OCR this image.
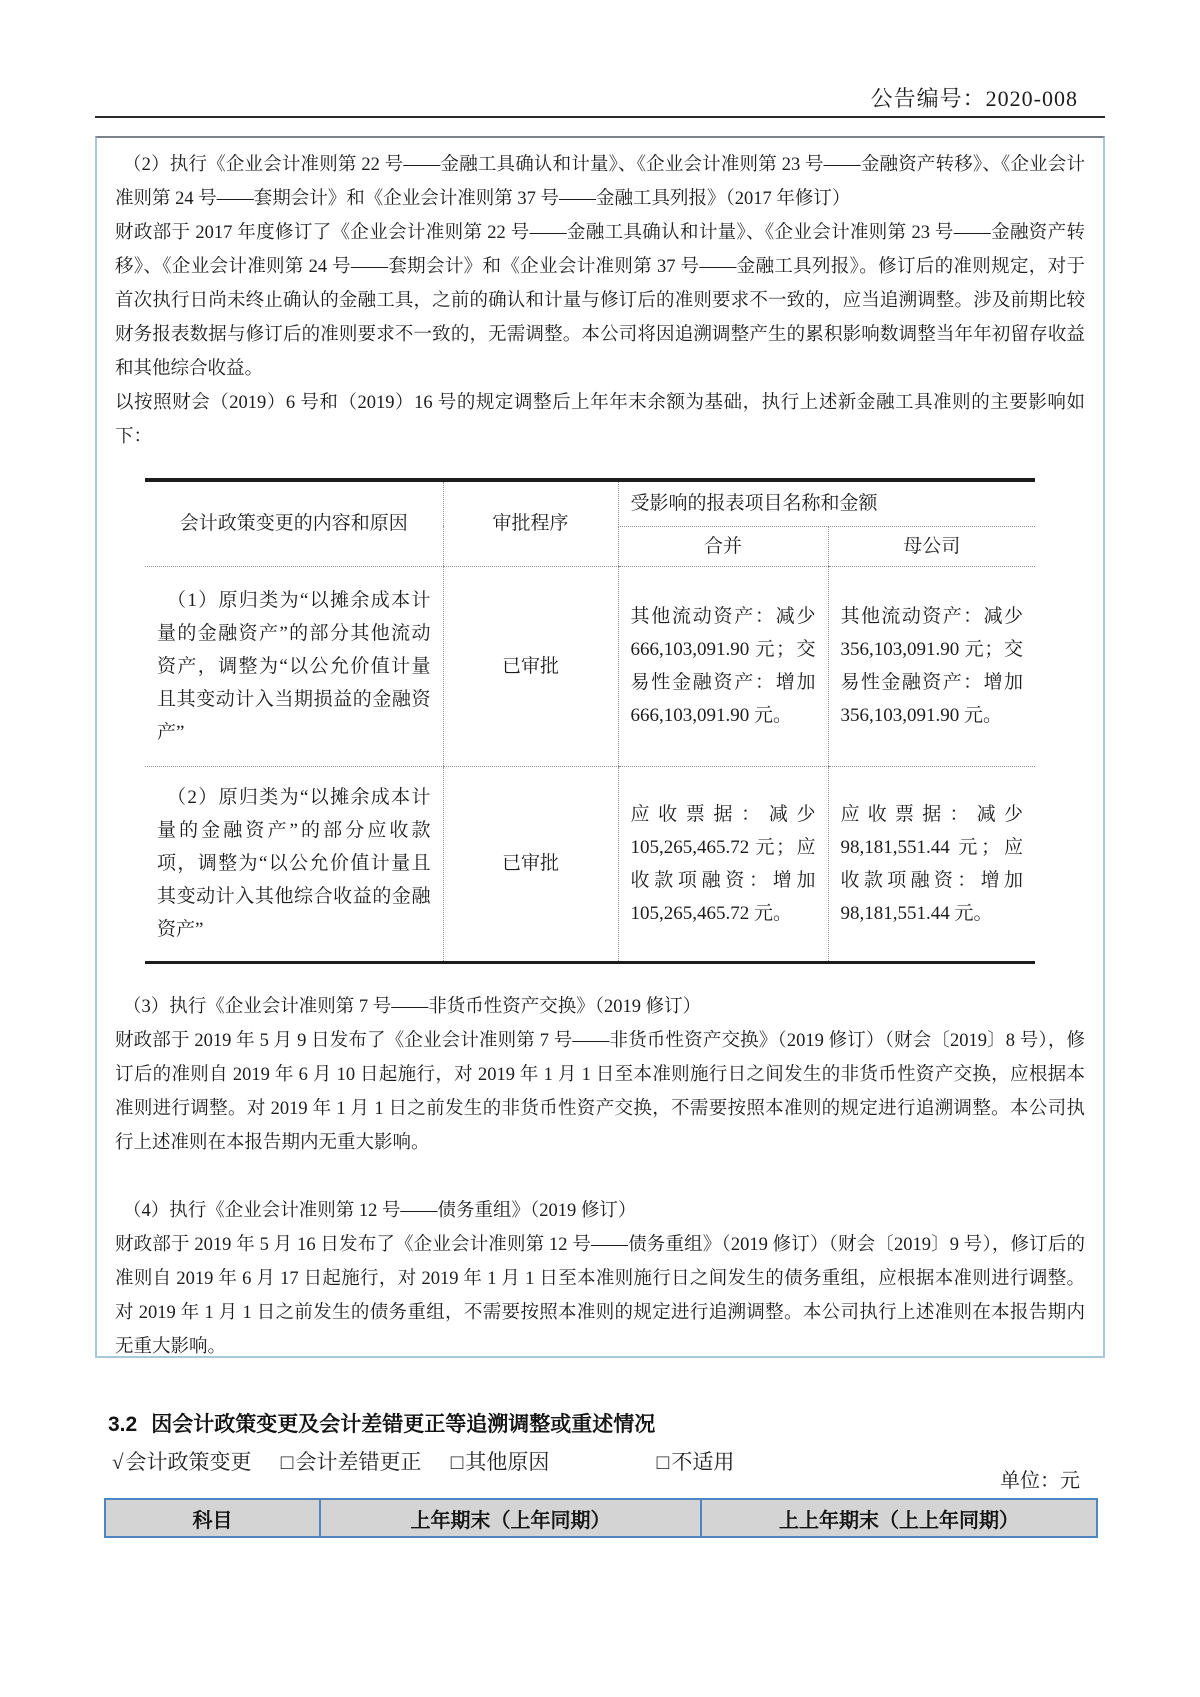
公告编号：2020-008

（2）执行《企业会计准则第 22 号——金融工具确认和计量》、《企业会计准则第 23 号——金融资产转移》、《企业会计准则第 24 号——套期会计》和《企业会计准则第 37 号——金融工具列报》（2017 年修订）

财政部于 2017 年度修订了《企业会计准则第 22 号——金融工具确认和计量》、《企业会计准则第 23 号——金融资产转移》、《企业会计准则第 24 号——套期会计》和《企业会计准则第 37 号——金融工具列报》。修订后的准则规定，对于首次执行日尚未终止确认的金融工具，之前的确认和计量与修订后的准则要求不一致的，应当追溯调整。涉及前期比较财务报表数据与修订后的准则要求不一致的，无需调整。本公司将因追溯调整产生的累积影响数调整当年年初留存收益和其他综合收益。

以按照财会（2019）6 号和（2019）16 号的规定调整后上年年末余额为基础，执行上述新金融工具准则的主要影响如下：

会计政策变更的内容和原因	审批程序	受影响的报表项目名称和金额	
		合并	母公司

（1）原归类为“以摊余成本计量的金融资产”的部分其他流动资产，调整为“以公允价值计量且其变动计入当期损益的金融资产”	已审批	其他流动资产：减少 666,103,091.90 元；交易性金融资产：增加 666,103,091.90 元。	其他流动资产：减少 356,103,091.90 元；交易性金融资产：增加 356,103,091.90 元。

（2）原归类为“以摊余成本计量的金融资产”的部分应收款项，调整为“以公允价值计量且其变动计入其他综合收益的金融资产”	已审批	应收票据：减少 105,265,465.72 元；应收款项融资：增加 105,265,465.72 元。	应收票据：减少 98,181,551.44 元；应收款项融资：增加 98,181,551.44 元。

（3）执行《企业会计准则第 7 号——非货币性资产交换》（2019 修订）

财政部于 2019 年 5 月 9 日发布了《企业会计准则第 7 号——非货币性资产交换》（2019 修订）（财会〔2019〕8 号），修订后的准则自 2019 年 6 月 10 日起施行，对 2019 年 1 月 1 日至本准则施行日之间发生的非货币性资产交换，应根据本准则进行调整。对 2019 年 1 月 1 日之前发生的非货币性资产交换，不需要按照本准则的规定进行追溯调整。本公司执行上述准则在本报告期内无重大影响。

（4）执行《企业会计准则第 12 号——债务重组》（2019 修订）

财政部于 2019 年 5 月 16 日发布了《企业会计准则第 12 号——债务重组》（2019 修订）（财会〔2019〕9 号），修订后的准则自 2019 年 6 月 17 日起施行，对 2019 年 1 月 1 日至本准则施行日之间发生的债务重组，应根据本准则进行调整。对 2019 年 1 月 1 日之前发生的债务重组，不需要按照本准则的规定进行追溯调整。本公司执行上述准则在本报告期内无重大影响。

3.2 因会计政策变更及会计差错更正等追溯调整或重述情况
√会计政策变更 □会计差错更正 □其他原因	□不适用
单位：元
科目	上年期末（上年同期）	上上年期末（上上年同期）
